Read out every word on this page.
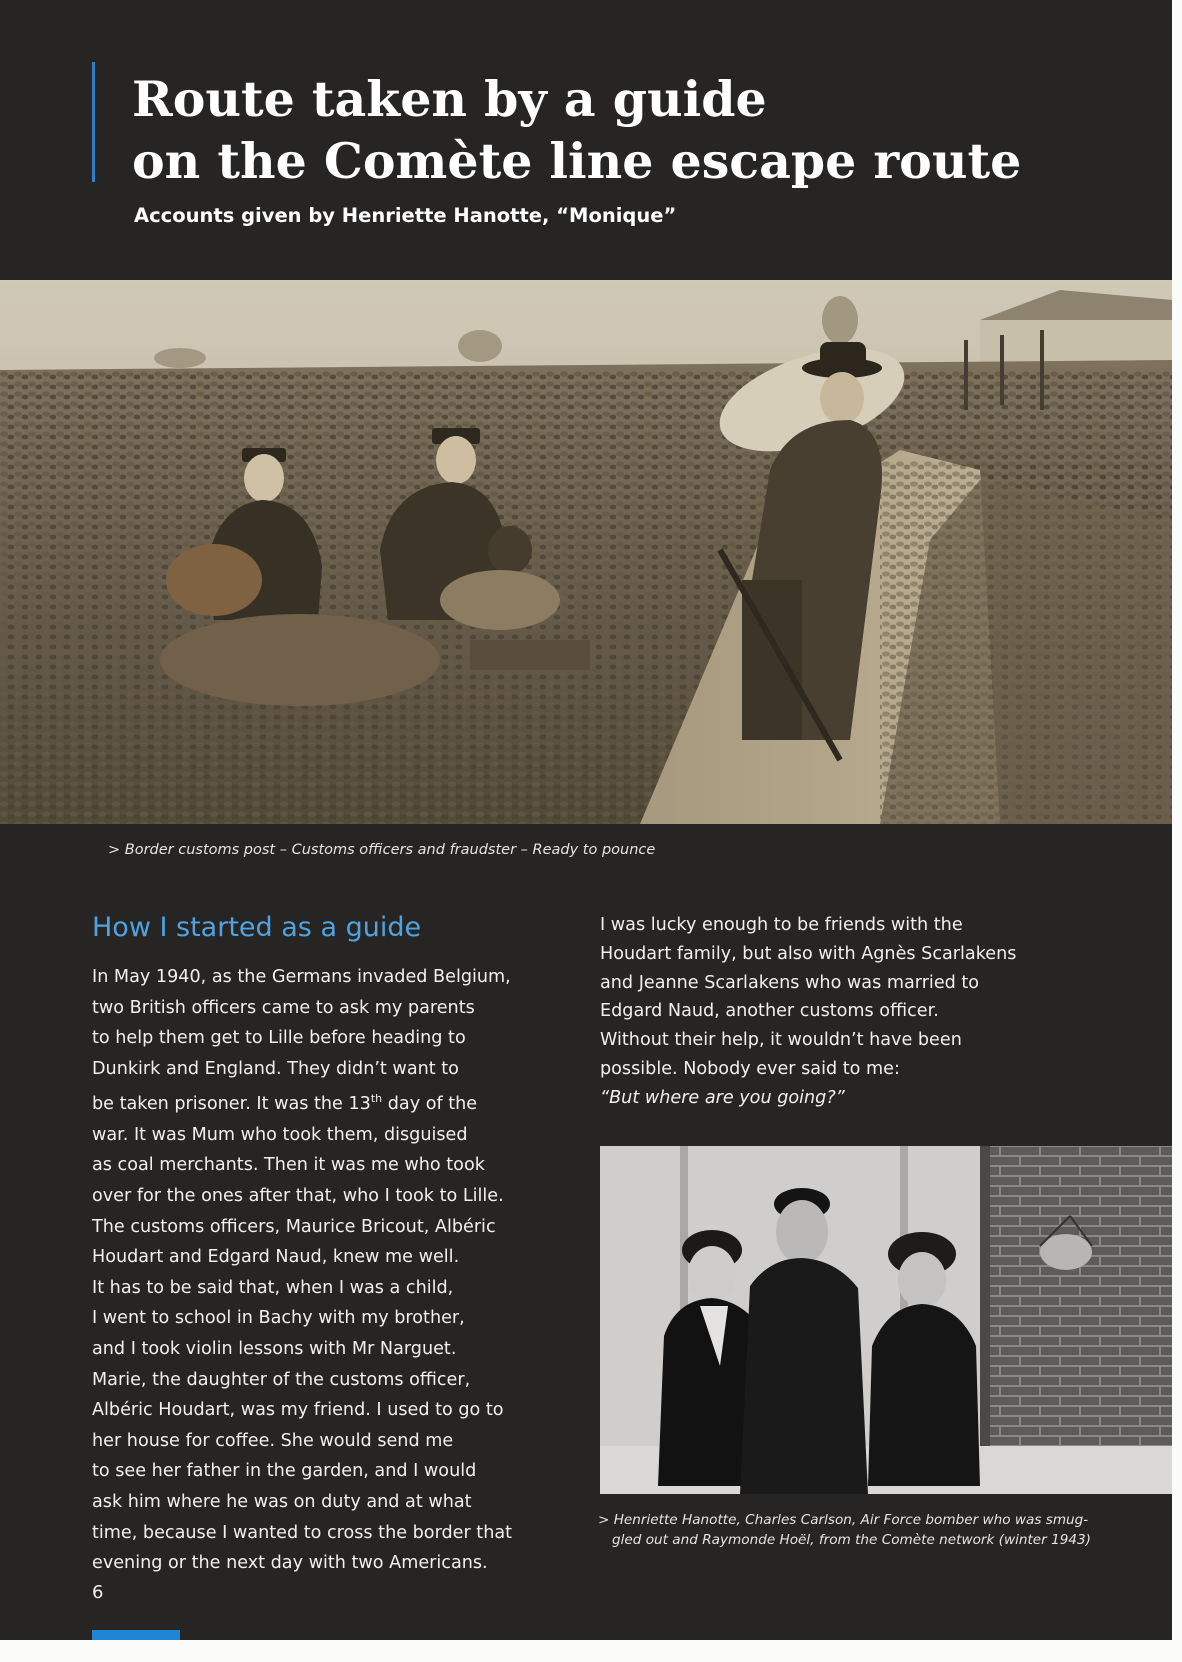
Route taken by a guide
on the Comète line escape route

Accounts given by Henriette Hanotte, “Monique”

> Border customs post – Customs officers and fraudster – Ready to pounce
How I started as a guide
In May 1940, as the Germans invaded Belgium,
two British officers came to ask my parents
to help them get to Lille before heading to
Dunkirk and England. They didn’t want to
be taken prisoner. It was the 13th day of the
war. It was Mum who took them, disguised
as coal merchants. Then it was me who took
over for the ones after that, who I took to Lille.
The customs officers, Maurice Bricout, Albéric
Houdart and Edgard Naud, knew me well.
It has to be said that, when I was a child,
I went to school in Bachy with my brother,
and I took violin lessons with Mr Narguet.
Marie, the daughter of the customs officer,
Albéric Houdart, was my friend. I used to go to
her house for coffee. She would send me
to see her father in the garden, and I would
ask him where he was on duty and at what
time, because I wanted to cross the border that
evening or the next day with two Americans.
I was lucky enough to be friends with the
Houdart family, but also with Agnès Scarlakens
and Jeanne Scarlakens who was married to
Edgard Naud, another customs officer.
Without their help, it wouldn’t have been
possible. Nobody ever said to me:
“But where are you going?”
> Henriette Hanotte, Charles Carlson, Air Force bomber who was smug-
gled out and Raymonde Hoël, from the Comète network (winter 1943)
6
